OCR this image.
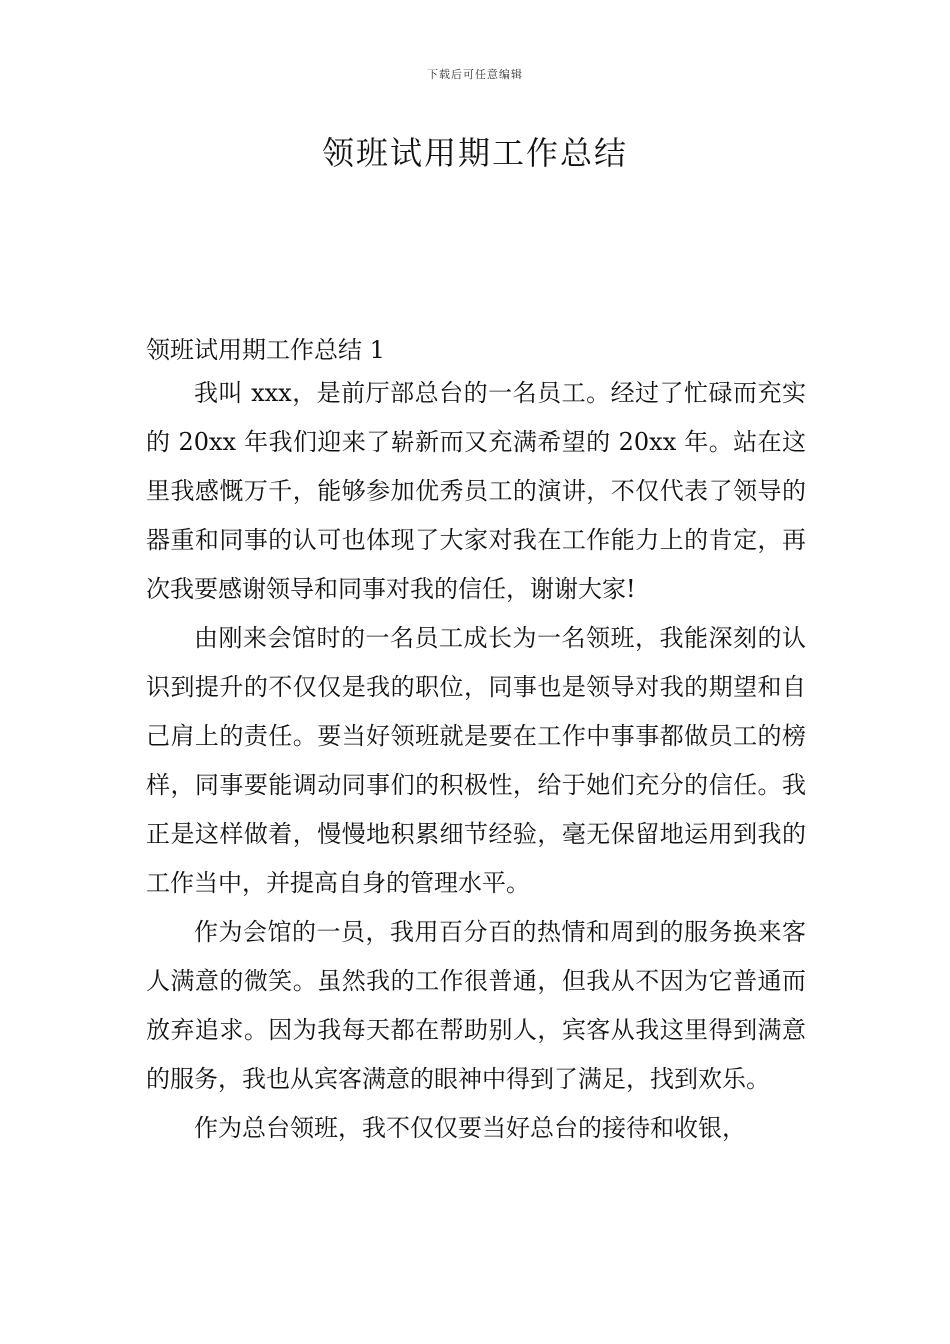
下载后可任意编辑
领班试用期工作总结

领班试用期工作总结 1

我叫 xxx，是前厅部总台的一名员工。经过了忙碌而充实的 20xx 年我们迎来了崭新而又充满希望的 20xx 年。站在这里我感慨万千，能够参加优秀员工的演讲，不仅代表了领导的器重和同事的认可也体现了大家对我在工作能力上的肯定，再次我要感谢领导和同事对我的信任，谢谢大家!

由刚来会馆时的一名员工成长为一名领班，我能深刻的认识到提升的不仅仅是我的职位，同事也是领导对我的期望和自己肩上的责任。要当好领班就是要在工作中事事都做员工的榜样，同事要能调动同事们的积极性，给于她们充分的信任。我正是这样做着，慢慢地积累细节经验，毫无保留地运用到我的工作当中，并提高自身的管理水平。

作为会馆的一员，我用百分百的热情和周到的服务换来客人满意的微笑。虽然我的工作很普通，但我从不因为它普通而放弃追求。因为我每天都在帮助别人，宾客从我这里得到满意的服务，我也从宾客满意的眼神中得到了满足，找到欢乐。

作为总台领班，我不仅仅要当好总台的接待和收银，
